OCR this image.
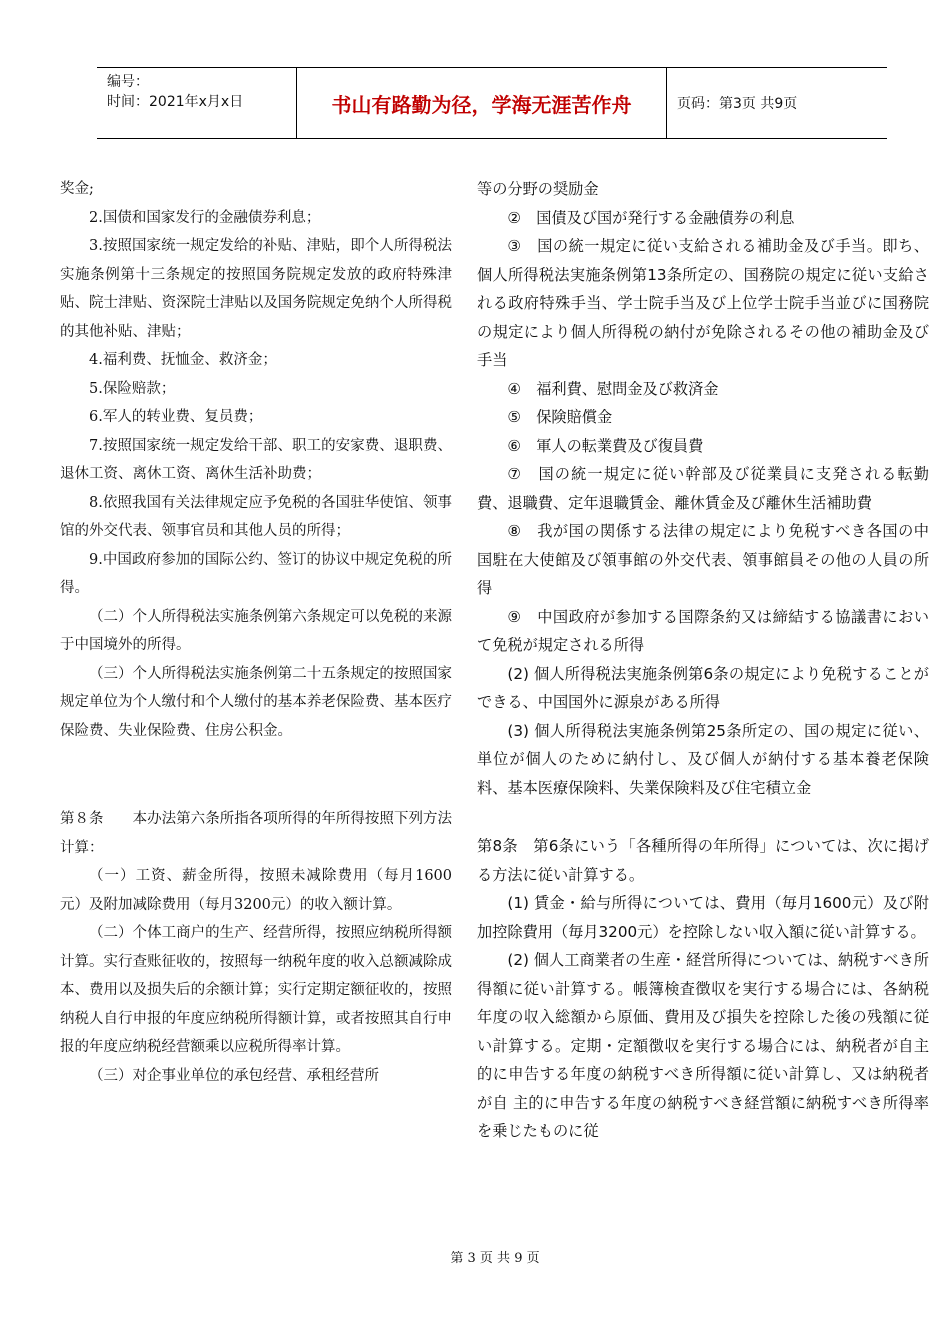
编号：
时间：2021年x月x日	书山有路勤为径，学海无涯苦作舟	页码：第3页 共9页

奖金;

2.国债和国家发行的金融债券利息；

3.按照国家统一规定发给的补贴、津贴，即个人所得税法实施条例第十三条规定的按照国务院规定发放的政府特殊津贴、院士津贴、资深院士津贴以及国务院规定免纳个人所得税的其他补贴、津贴；

4.福利费、抚恤金、救济金；

5.保险赔款；

6.军人的转业费、复员费；

7.按照国家统一规定发给干部、职工的安家费、退职费、退休工资、离休工资、离休生活补助费；

8.依照我国有关法律规定应予免税的各国驻华使馆、领事馆的外交代表、领事官员和其他人员的所得；

9.中国政府参加的国际公约、签订的协议中规定免税的所得。

（二）个人所得税法实施条例第六条规定可以免税的来源于中国境外的所得。

（三）个人所得税法实施条例第二十五条规定的按照国家规定单位为个人缴付和个人缴付的基本养老保险费、基本医疗保险费、失业保险费、住房公积金。

第８条　　本办法第六条所指各项所得的年所得按照下列方法计算：

（一）工资、薪金所得，按照未减除费用（每月1600元）及附加减除费用（每月3200元）的收入额计算。

（二）个体工商户的生产、经营所得，按照应纳税所得额计算。实行查账征收的，按照每一纳税年度的收入总额减除成本、费用以及损失后的余额计算；实行定期定额征收的，按照纳税人自行申报的年度应纳税所得额计算，或者按照其自行申报的年度应纳税经营额乘以应税所得率计算。

（三）对企事业单位的承包经营、承租经营所

等の分野の奨励金

②　国債及び国が発行する金融債券の利息

③　国の統一規定に従い支給される補助金及び手当。即ち、個人所得税法実施条例第13条所定の、国務院の規定に従い支給される政府特殊手当、学士院手当及び上位学士院手当並びに国務院の規定により個人所得税の納付が免除されるその他の補助金及び手当

④　福利費、慰問金及び救済金

⑤　保険賠償金

⑥　軍人の転業費及び復員費

⑦　国の統一規定に従い幹部及び従業員に支発される転勤費、退職費、定年退職賃金、離休賃金及び離休生活補助費

⑧　我が国の関係する法律の規定により免税すべき各国の中国駐在大使館及び領事館の外交代表、領事館員その他の人員の所得

⑨　中国政府が参加する国際条約又は締結する協議書において免税が規定される所得

(2) 個人所得税法実施条例第6条の規定により免税することができる、中国国外に源泉がある所得

(3) 個人所得税法実施条例第25条所定の、国の規定に従い、単位が個人のために納付し、及び個人が納付する基本養老保険料、基本医療保険料、失業保険料及び住宅積立金

第8条　第6条にいう「各種所得の年所得」については、次に掲げる方法に従い計算する。

(1) 賃金・給与所得については、費用（毎月1600元）及び附加控除費用（毎月3200元）を控除しない収入額に従い計算する。

(2) 個人工商業者の生産・経営所得については、納税すべき所得額に従い計算する。帳簿検査徴収を実行する場合には、各納税年度の収入総額から原価、費用及び損失を控除した後の残額に従い計算する。定期・定額徴収を実行する場合には、納税者が自主的に申告する年度の納税すべき所得額に従い計算し、又は納税者が自 主的に申告する年度の納税すべき経営額に納税すべき所得率を乗じたものに従

第 3 页 共 9 页
